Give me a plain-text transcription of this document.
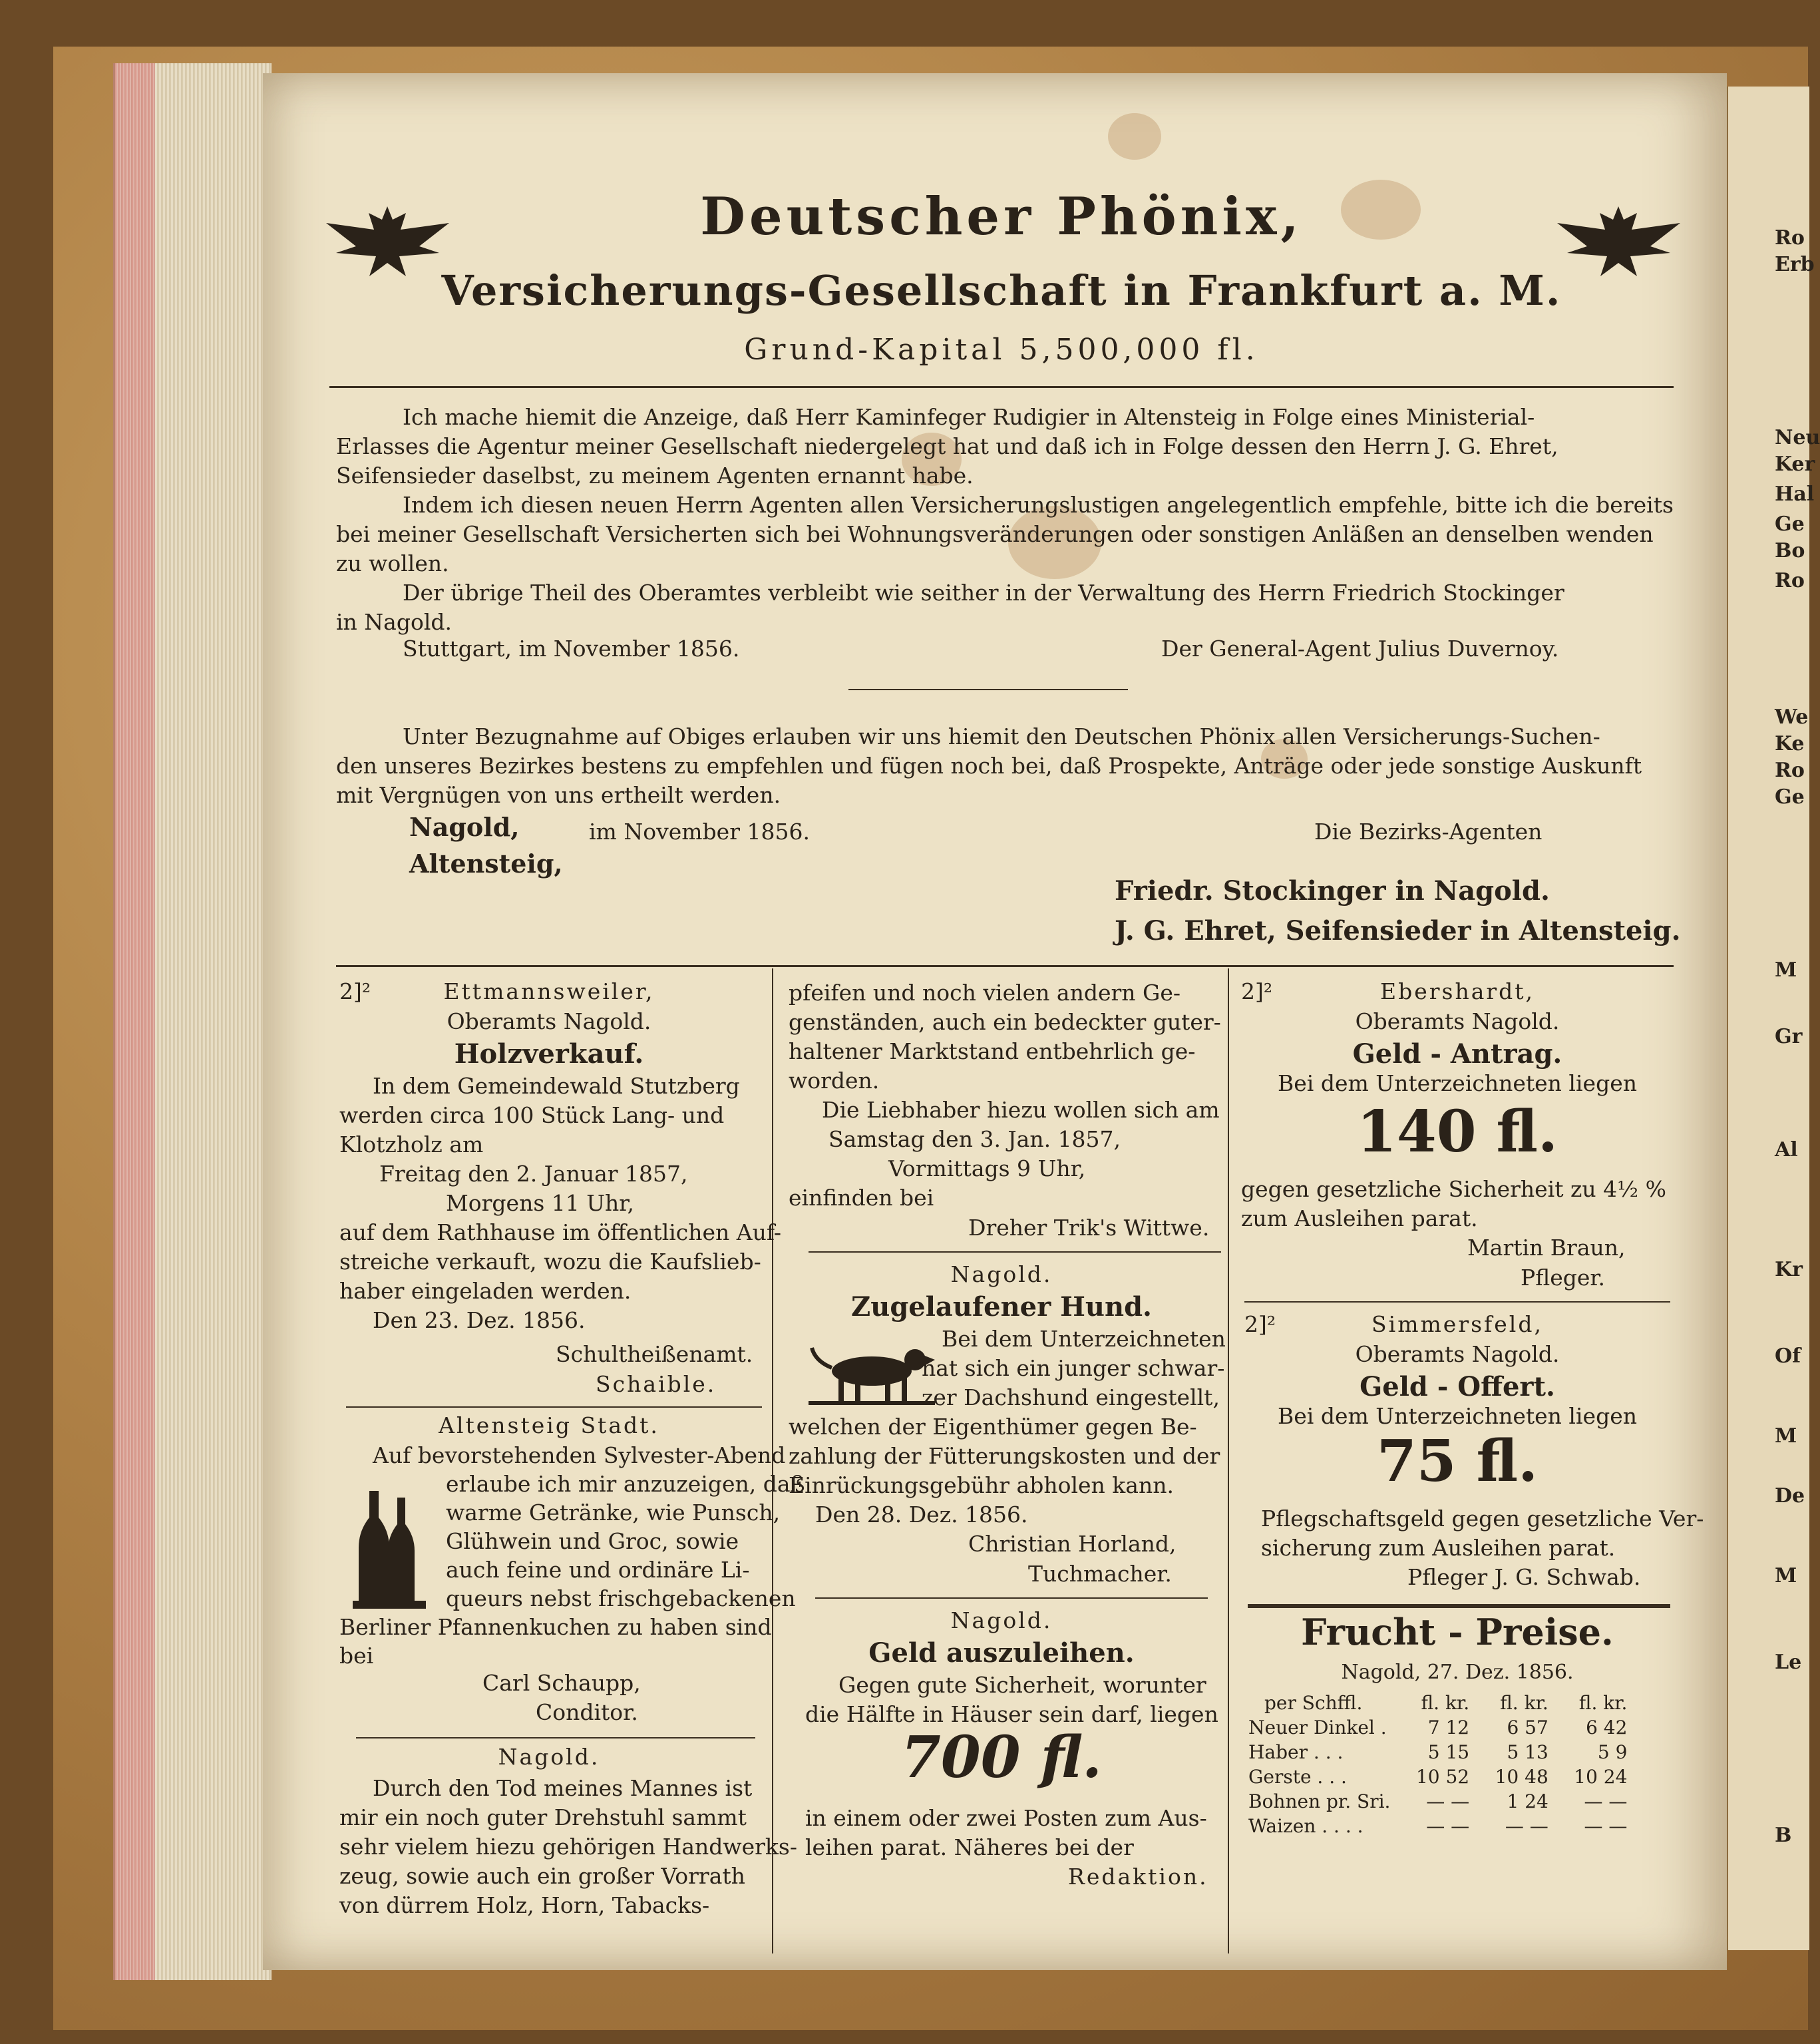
Deutscher Phönix,
Versicherungs-Gesellschaft in Frankfurt a. M.
Grund-Kapital 5,500,000 fl.
Ich mache hiemit die Anzeige, daß Herr Kaminfeger Rudigier in Altensteig in Folge eines Ministerial-
Erlasses die Agentur meiner Gesellschaft niedergelegt hat und daß ich in Folge dessen den Herrn J. G. Ehret,
Seifensieder daselbst, zu meinem Agenten ernannt habe.
Indem ich diesen neuen Herrn Agenten allen Versicherungslustigen angelegentlich empfehle, bitte ich die bereits
bei meiner Gesellschaft Versicherten sich bei Wohnungsveränderungen oder sonstigen Anläßen an denselben wenden
zu wollen.
Der übrige Theil des Oberamtes verbleibt wie seither in der Verwaltung des Herrn Friedrich Stockinger
in Nagold.
Stuttgart, im November 1856.	Der General-Agent Julius Duvernoy.
Unter Bezugnahme auf Obiges erlauben wir uns hiemit den Deutschen Phönix allen Versicherungs-Suchen-
den unseres Bezirkes bestens zu empfehlen und fügen noch bei, daß Prospekte, Anträge oder jede sonstige Auskunft
mit Vergnügen von uns ertheilt werden.
Nagold,
Altensteig,
im November 1856.	Die Bezirks-Agenten
Friedr. Stockinger in Nagold.
J. G. Ehret, Seifensieder in Altensteig.
2]²	Ettmannsweiler,
Oberamts Nagold.
Holzverkauf.
In dem Gemeindewald Stutzberg
werden circa 100 Stück Lang- und
Klotzholz am
Freitag den 2. Januar 1857,
Morgens 11 Uhr,
auf dem Rathhause im öffentlichen Auf-
streiche verkauft, wozu die Kaufslieb-
haber eingeladen werden.
Den 23. Dez. 1856.
Schultheißenamt.
Schaible.
Altensteig Stadt.
Auf bevorstehenden Sylvester-Abend
erlaube ich mir anzuzeigen, daß
warme Getränke, wie Punsch,
Glühwein und Groc, sowie
auch feine und ordinäre Li-
queurs nebst frischgebackenen
Berliner Pfannenkuchen zu haben sind
bei
Carl Schaupp,
Conditor.
Nagold.
Durch den Tod meines Mannes ist
mir ein noch guter Drehstuhl sammt
sehr vielem hiezu gehörigen Handwerks-
zeug, sowie auch ein großer Vorrath
von dürrem Holz, Horn, Tabacks-
pfeifen und noch vielen andern Ge-
genständen, auch ein bedeckter guter-
haltener Marktstand entbehrlich ge-
worden.
Die Liebhaber hiezu wollen sich am
Samstag den 3. Jan. 1857,
Vormittags 9 Uhr,
einfinden bei
Dreher Trik's Wittwe.
Nagold.
Zugelaufener Hund.
Bei dem Unterzeichneten
hat sich ein junger schwar-
zer Dachshund eingestellt,
welchen der Eigenthümer gegen Be-
zahlung der Fütterungskosten und der
Einrückungsgebühr abholen kann.
Den 28. Dez. 1856.
Christian Horland,
Tuchmacher.
Nagold.
Geld auszuleihen.
Gegen gute Sicherheit, worunter
die Hälfte in Häuser sein darf, liegen
700 fl.
in einem oder zwei Posten zum Aus-
leihen parat. Näheres bei der
Redaktion.
2]²	Ebershardt,
Oberamts Nagold.
Geld - Antrag.
Bei dem Unterzeichneten liegen
140 fl.
gegen gesetzliche Sicherheit zu 4½ %
zum Ausleihen parat.
Martin Braun,
Pfleger.
2]²	Simmersfeld,
Oberamts Nagold.
Geld - Offert.
Bei dem Unterzeichneten liegen
75 fl.
Pflegschaftsgeld gegen gesetzliche Ver-
sicherung zum Ausleihen parat.
Pfleger J. G. Schwab.
Frucht - Preise.
Nagold, 27. Dez. 1856.
per Schffl.	fl. kr.	fl. kr.	fl. kr.
Neuer Dinkel .	7 12	6 57	6 42
Haber . . .	5 15	5 13	5 9
Gerste . . .	10 52	10 48	10 24
Bohnen pr. Sri.	— —	1 24	— —
Waizen . . . .	— —	— —	— —
Ro
Erb
Neu
Ker
Hal
Ge
Bo
Ro
We
Ke
Ro
Ge
M
Gr
Al
Kr
Of
M
De
M
Le
B
